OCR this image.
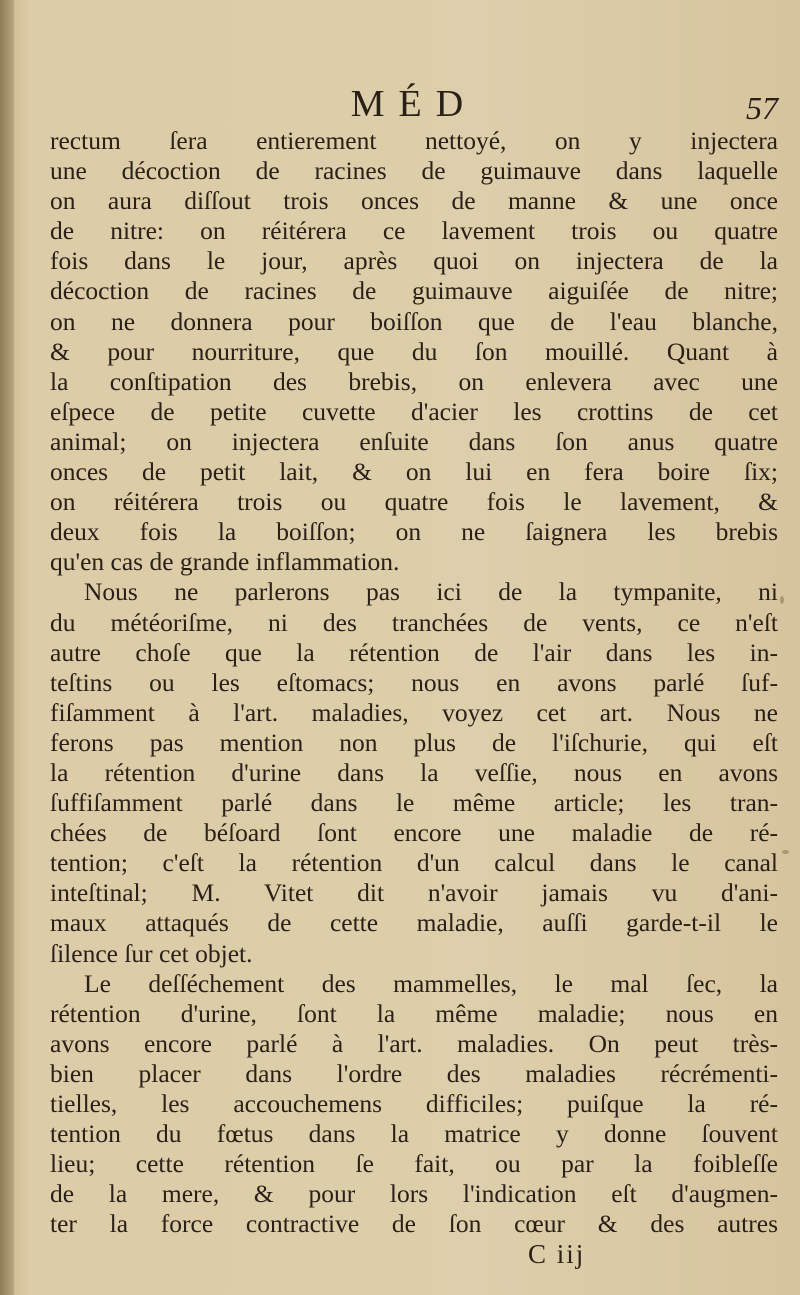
MÉD	57
rectum ſera entierement nettoyé, on y injectera
une décoction de racines de guimauve dans laquelle
on aura diſſout trois onces de manne & une once
de nitre: on réitérera ce lavement trois ou quatre
fois dans le jour, après quoi on injectera de la
décoction de racines de guimauve aiguiſée de nitre;
on ne donnera pour boiſſon que de l'eau blanche,
& pour nourriture, que du ſon mouillé. Quant à
la conſtipation des brebis, on enlevera avec une
eſpece de petite cuvette d'acier les crottins de cet
animal; on injectera enſuite dans ſon anus quatre
onces de petit lait, & on lui en fera boire ſix;
on réitérera trois ou quatre fois le lavement, &
deux fois la boiſſon; on ne ſaignera les brebis
qu'en cas de grande inflammation.
Nous ne parlerons pas ici de la tympanite, ni
du météoriſme, ni des tranchées de vents, ce n'eſt
autre choſe que la rétention de l'air dans les in-
teſtins ou les eſtomacs; nous en avons parlé ſuf-
fiſamment à l'art. maladies, voyez cet art. Nous ne
ferons pas mention non plus de l'iſchurie, qui eſt
la rétention d'urine dans la veſſie, nous en avons
ſuffiſamment parlé dans le même article; les tran-
chées de béſoard ſont encore une maladie de ré-
tention; c'eſt la rétention d'un calcul dans le canal
inteſtinal; M. Vitet dit n'avoir jamais vu d'ani-
maux attaqués de cette maladie, auſſi garde-t-il le
ſilence ſur cet objet.
Le deſſéchement des mammelles, le mal ſec, la
rétention d'urine, ſont la même maladie; nous en
avons encore parlé à l'art. maladies. On peut très-
bien placer dans l'ordre des maladies récrémenti-
tielles, les accouchemens difficiles; puiſque la ré-
tention du fœtus dans la matrice y donne ſouvent
lieu; cette rétention ſe fait, ou par la foibleſſe
de la mere, & pour lors l'indication eſt d'augmen-
ter la force contractive de ſon cœur & des autres
C iij
